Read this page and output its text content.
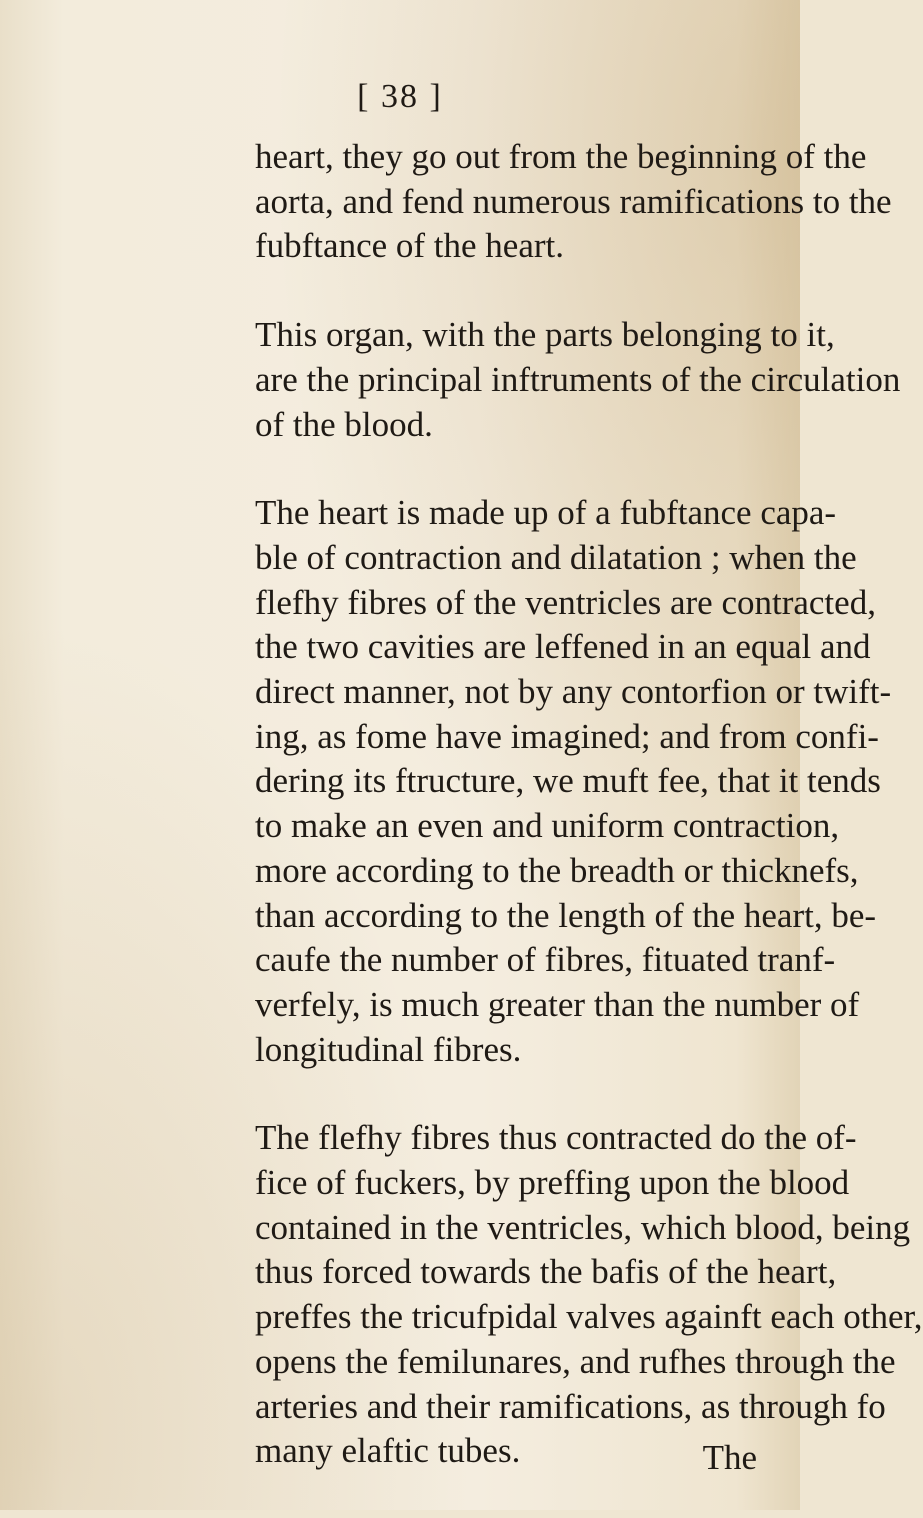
[ 38 ]

heart, they go out from the beginning of the
aorta, and fend numerous ramifications to the
fubftance of the heart.

This organ, with the parts belonging to it,
are the principal inftruments of the circulation
of the blood.

The heart is made up of a fubftance capa-
ble of contraction and dilatation ; when the
flefhy fibres of the ventricles are contracted,
the two cavities are leffened in an equal and
direct manner, not by any contorfion or twift-
ing, as fome have imagined; and from confi-
dering its ftructure, we muft fee, that it tends
to make an even and uniform contraction,
more according to the breadth or thicknefs,
than according to the length of the heart, be-
caufe the number of fibres, fituated tranf-
verfely, is much greater than the number of
longitudinal fibres.

The flefhy fibres thus contracted do the of-
fice of fuckers, by preffing upon the blood
contained in the ventricles, which blood, being
thus forced towards the bafis of the heart,
preffes the tricufpidal valves againft each other,
opens the femilunares, and rufhes through the
arteries and their ramifications, as through fo
many elaftic tubes.	The
